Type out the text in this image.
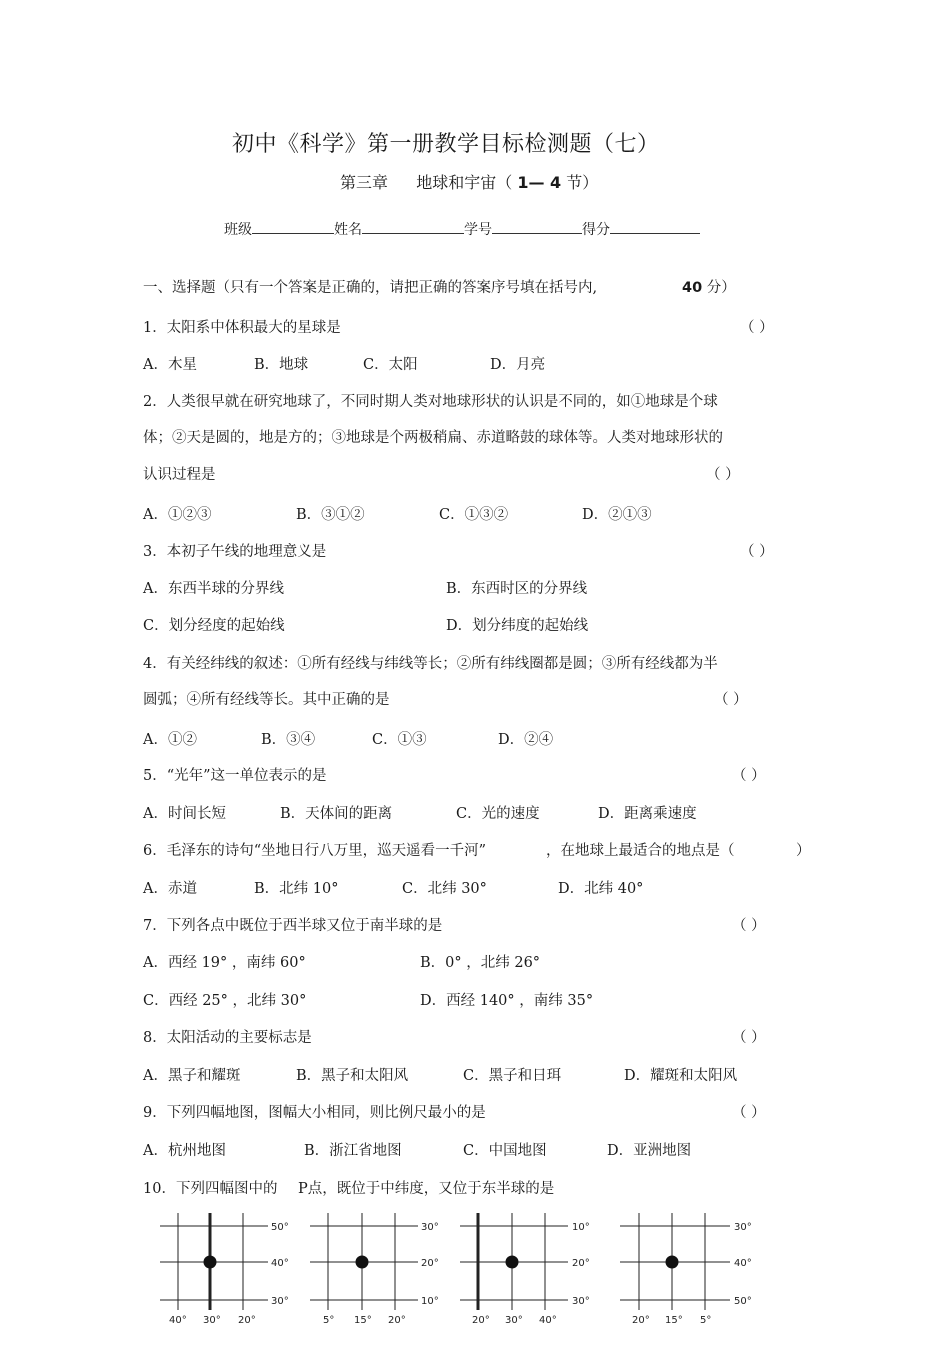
初中《科学》第一册教学目标检测题（七）
第三章 地球和宇宙（ 1— 4 节）
班级	姓名	学号	得分
一、选择题（只有一个答案是正确的，请把正确的答案序号填在括号内,	40 分）
1．太阳系中体积最大的星球是	（ ）
A．木星	B．地球	C．太阳	D．月亮
2．人类很早就在研究地球了，不同时期人类对地球形状的认识是不同的，如①地球是个球
体；②天是圆的，地是方的；③地球是个两极稍扁、赤道略鼓的球体等。人类对地球形状的
认识过程是	（ ）
A．①②③	B．③①②	C．①③②	D．②①③
3．本初子午线的地理意义是	（ ）
A．东西半球的分界线	B．东西时区的分界线
C．划分经度的起始线	D．划分纬度的起始线
4．有关经纬线的叙述：①所有经线与纬线等长；②所有纬线圈都是圆；③所有经线都为半
圆弧；④所有经线等长。其中正确的是	（ ）
A．①②	B．③④	C．①③	D．②④
5．“光年”这一单位表示的是	（ ）
A．时间长短	B．天体间的距离	C．光的速度	D．距离乘速度
6．毛泽东的诗句“坐地日行八万里，巡天遥看一千河”	，在地球上最适合的地点是（	）
A．赤道	B．北纬 10°	C．北纬 30°	D．北纬 40°
7．下列各点中既位于西半球又位于南半球的是	（ ）
A．西经 19° ，南纬 60°	B．0° ，北纬 26°
C．西经 25° ，北纬 30°	D．西经 140° ，南纬 35°
8．太阳活动的主要标志是	（ ）
A．黑子和耀斑	B．黑子和太阳风	C．黑子和日珥	D．耀斑和太阳风
9．下列四幅地图，图幅大小相同，则比例尺最小的是	（ ）
A．杭州地图	B．浙江省地图	C．中国地图	D．亚洲地图
10．下列四幅图中的 P点，既位于中纬度，又位于东半球的是
50°
40°
30°
40° 30° 20°
30°
20°
10°
5° 15° 20°
10°
20°
30°
20° 30° 40°
30°
40°
50°
20° 15° 5°
